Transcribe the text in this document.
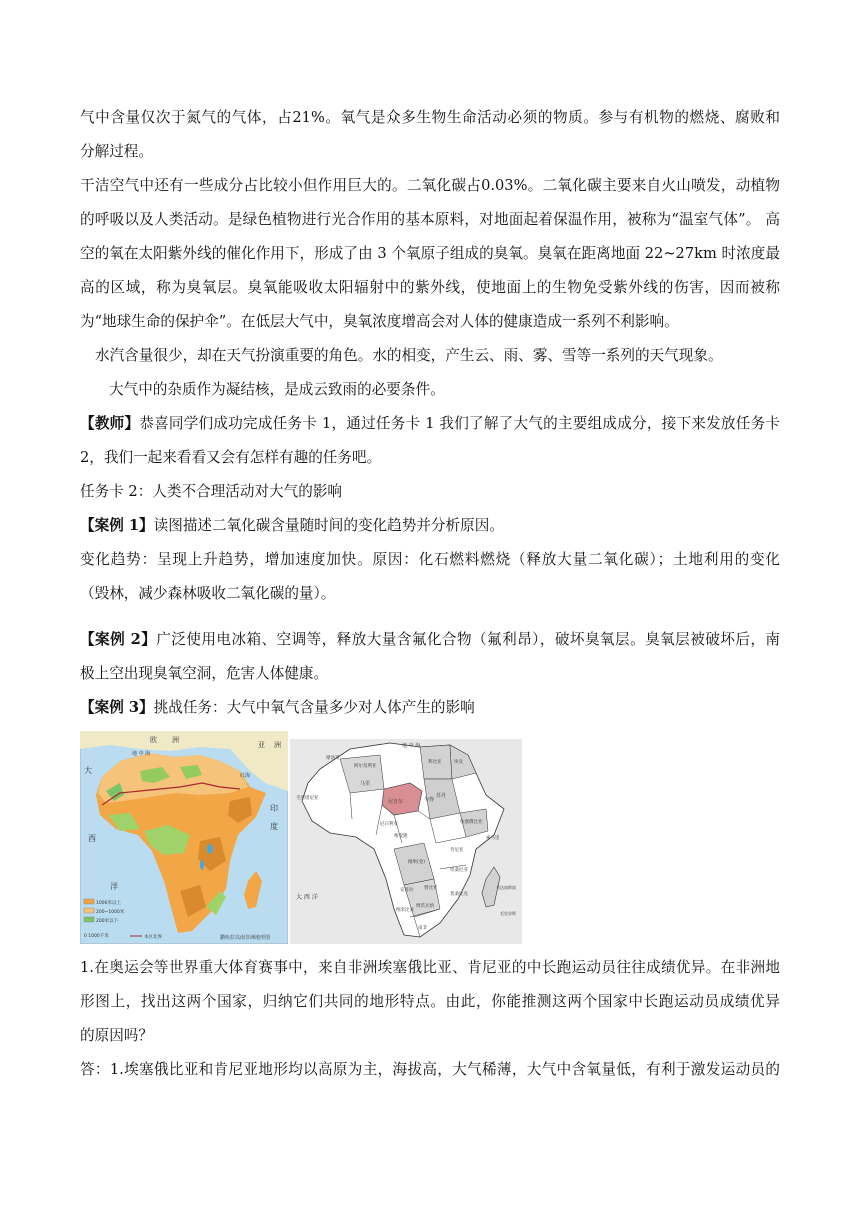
气中含量仅次于氮气的气体，占21%。氧气是众多生物生命活动必须的物质。参与有机物的燃烧、腐败和
分解过程。
干洁空气中还有一些成分占比较小但作用巨大的。二氧化碳占0.03%。二氧化碳主要来自火山喷发，动植物
的呼吸以及人类活动。是绿色植物进行光合作用的基本原料，对地面起着保温作用，被称为“温室气体”。 高
空的氧在太阳紫外线的催化作用下，形成了由 3 个氧原子组成的臭氧。臭氧在距离地面 22~27km 时浓度最
高的区域，称为臭氧层。臭氧能吸收太阳辐射中的紫外线，使地面上的生物免受紫外线的伤害，因而被称
为“地球生命的保护伞”。在低层大气中，臭氧浓度增高会对人体的健康造成一系列不利影响。
水汽含量很少，却在天气扮演重要的角色。水的相变，产生云、雨、雾、雪等一系列的天气现象。
大气中的杂质作为凝结核，是成云致雨的必要条件。
【教师】恭喜同学们成功完成任务卡 1，通过任务卡 1 我们了解了大气的主要组成成分，接下来发放任务卡
2，我们一起来看看又会有怎样有趣的任务吧。
任务卡 2：人类不合理活动对大气的影响
【案例 1】读图描述二氧化碳含量随时间的变化趋势并分析原因。
变化趋势：呈现上升趋势，增加速度加快。原因：化石燃料燃烧（释放大量二氧化碳）；土地利用的变化
（毁林，减少森林吸收二氧化碳的量）。
【案例 2】广泛使用电冰箱、空调等，释放大量含氟化合物（氟利昂），破坏臭氧层。臭氧层被破坏后，南
极上空出现臭氧空洞，危害人体健康。
【案例 3】挑战任务：大气中氧气含量多少对人体产生的影响
欧 洲
亚 洲
地 中 海
红海
大
西
印
度
洋
1000米以上
200~1000米
200米以下
0 1000千米	本区北界	撒哈拉以南非洲地形图
地 中 海
大 西 洋
尼日尔	乍得
苏丹
马里
尼日利亚	埃塞俄比亚
肯尼亚
刚果(金)
安哥拉 赞比亚
坦桑尼亚
纳米比亚
博茨瓦纳
南非
马达加斯加
阿尔及利亚
利比亚	埃及
毛里塔尼亚
索马里
莫桑比克
摩洛哥
喀麦隆
毛里求斯
1.在奥运会等世界重大体育赛事中，来自非洲埃塞俄比亚、肯尼亚的中长跑运动员往往成绩优异。在非洲地
形图上，找出这两个国家，归纳它们共同的地形特点。由此，你能推测这两个国家中长跑运动员成绩优异
的原因吗？
答：1.埃塞俄比亚和肯尼亚地形均以高原为主，海拔高，大气稀薄，大气中含氧量低，有利于激发运动员的
